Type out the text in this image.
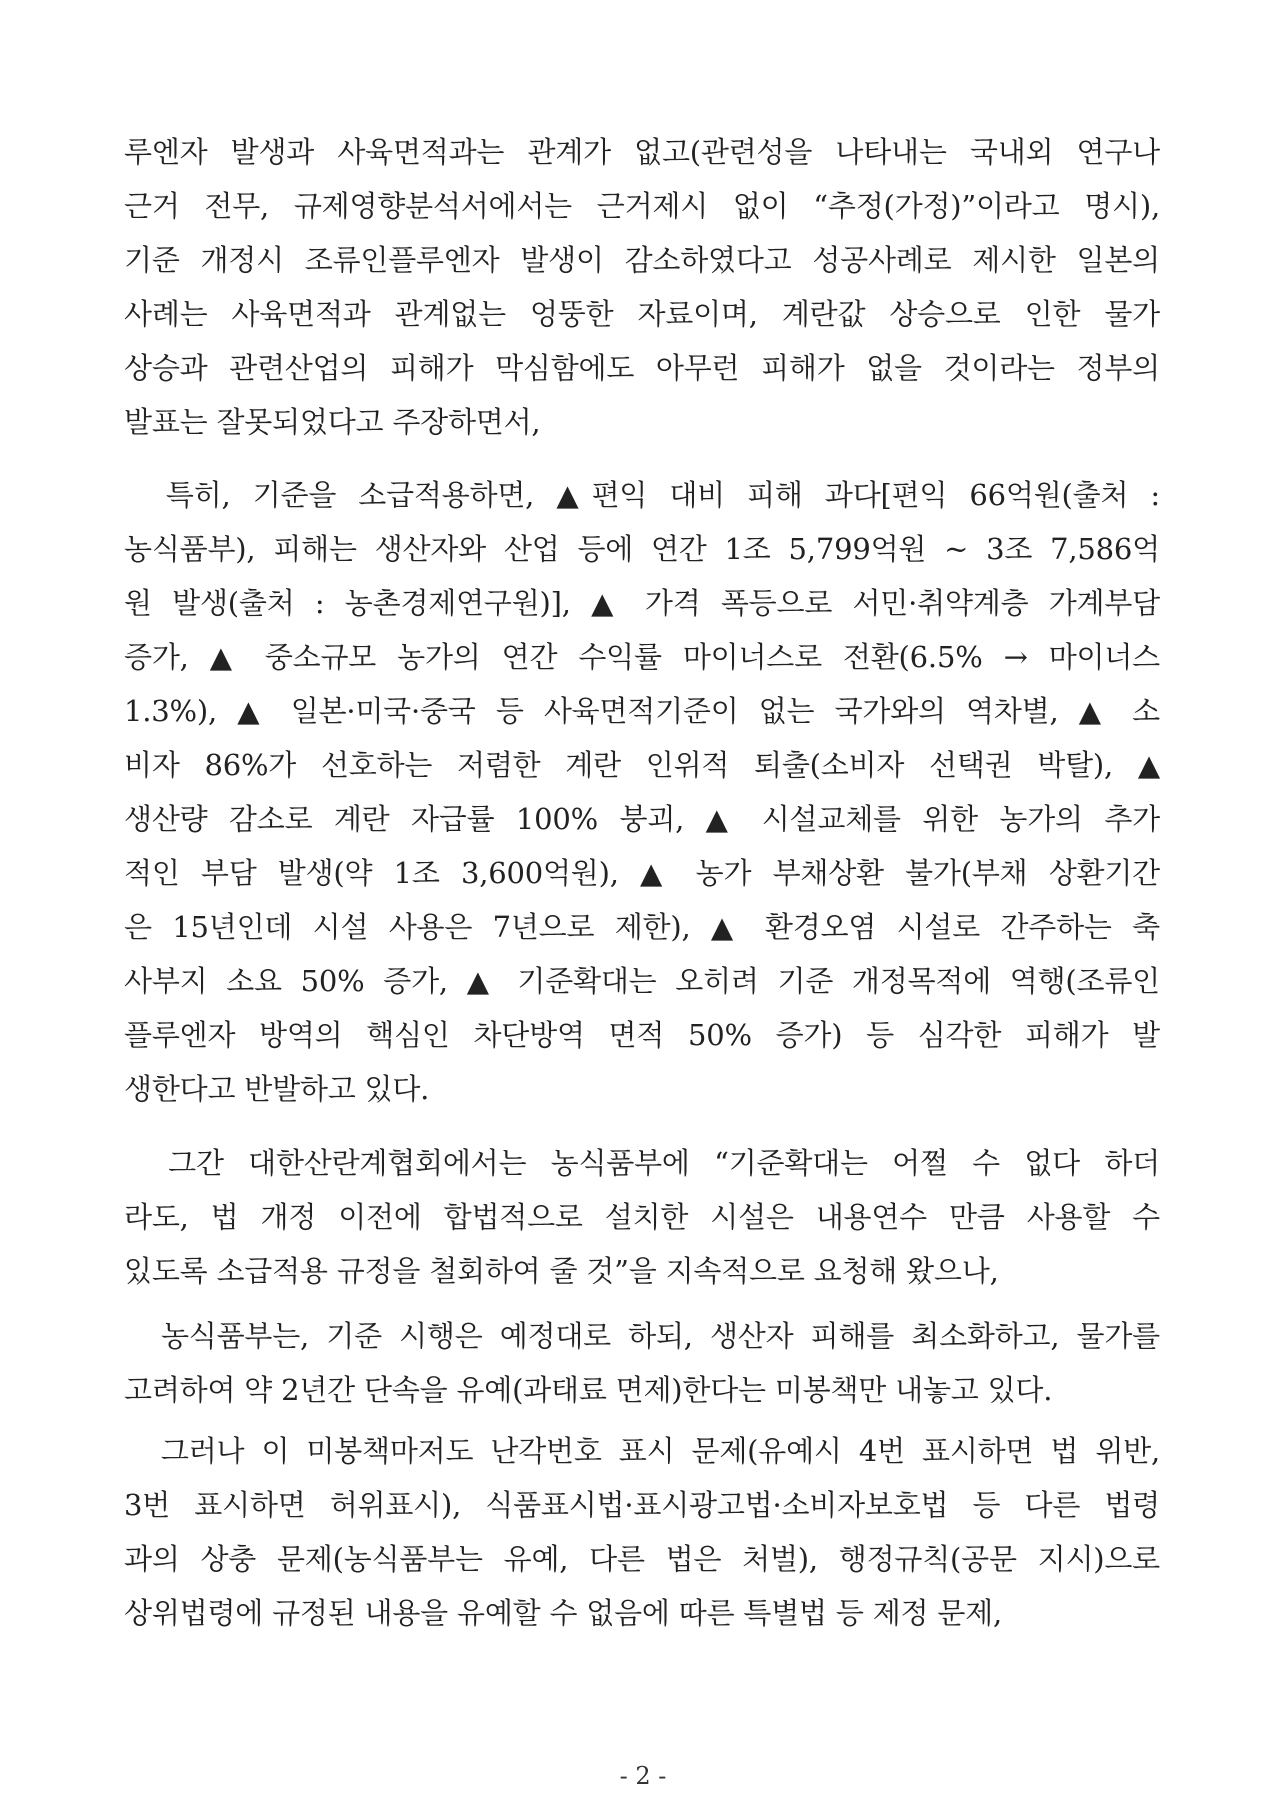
루엔자 발생과 사육면적과는 관계가 없고(관련성을 나타내는 국내외 연구나
근거 전무, 규제영향분석서에서는 근거제시 없이 “추정(가정)”이라고 명시),
기준 개정시 조류인플루엔자 발생이 감소하였다고 성공사례로 제시한 일본의
사례는 사육면적과 관계없는 엉뚱한 자료이며, 계란값 상승으로 인한 물가
상승과 관련산업의 피해가 막심함에도 아무런 피해가 없을 것이라는 정부의
발표는 잘못되었다고 주장하면서,
　특히, 기준을 소급적용하면, ▲편익 대비 피해 과다[편익 66억원(출처 :
농식품부), 피해는 생산자와 산업 등에 연간 1조 5,799억원 ~ 3조 7,586억
원 발생(출처 : 농촌경제연구원)], ▲ 가격 폭등으로 서민·취약계층 가계부담
증가, ▲ 중소규모 농가의 연간 수익률 마이너스로 전환(6.5% → 마이너스
1.3%), ▲ 일본·미국·중국 등 사육면적기준이 없는 국가와의 역차별, ▲ 소
비자 86%가 선호하는 저렴한 계란 인위적 퇴출(소비자 선택권 박탈), ▲
생산량 감소로 계란 자급률 100% 붕괴, ▲ 시설교체를 위한 농가의 추가
적인 부담 발생(약 1조 3,600억원), ▲ 농가 부채상환 불가(부채 상환기간
은 15년인데 시설 사용은 7년으로 제한), ▲ 환경오염 시설로 간주하는 축
사부지 소요 50% 증가, ▲ 기준확대는 오히려 기준 개정목적에 역행(조류인
플루엔자 방역의 핵심인 차단방역 면적 50% 증가) 등 심각한 피해가 발
생한다고 반발하고 있다.
　그간 대한산란계협회에서는 농식품부에 “기준확대는 어쩔 수 없다 하더
라도, 법 개정 이전에 합법적으로 설치한 시설은 내용연수 만큼 사용할 수
있도록 소급적용 규정을 철회하여 줄 것”을 지속적으로 요청해 왔으나,
　농식품부는, 기준 시행은 예정대로 하되, 생산자 피해를 최소화하고, 물가를
고려하여 약 2년간 단속을 유예(과태료 면제)한다는 미봉책만 내놓고 있다.
　그러나 이 미봉책마저도 난각번호 표시 문제(유예시 4번 표시하면 법 위반,
3번 표시하면 허위표시), 식품표시법·표시광고법·소비자보호법 등 다른 법령
과의 상충 문제(농식품부는 유예, 다른 법은 처벌), 행정규칙(공문 지시)으로
상위법령에 규정된 내용을 유예할 수 없음에 따른 특별법 등 제정 문제,
- 2 -
